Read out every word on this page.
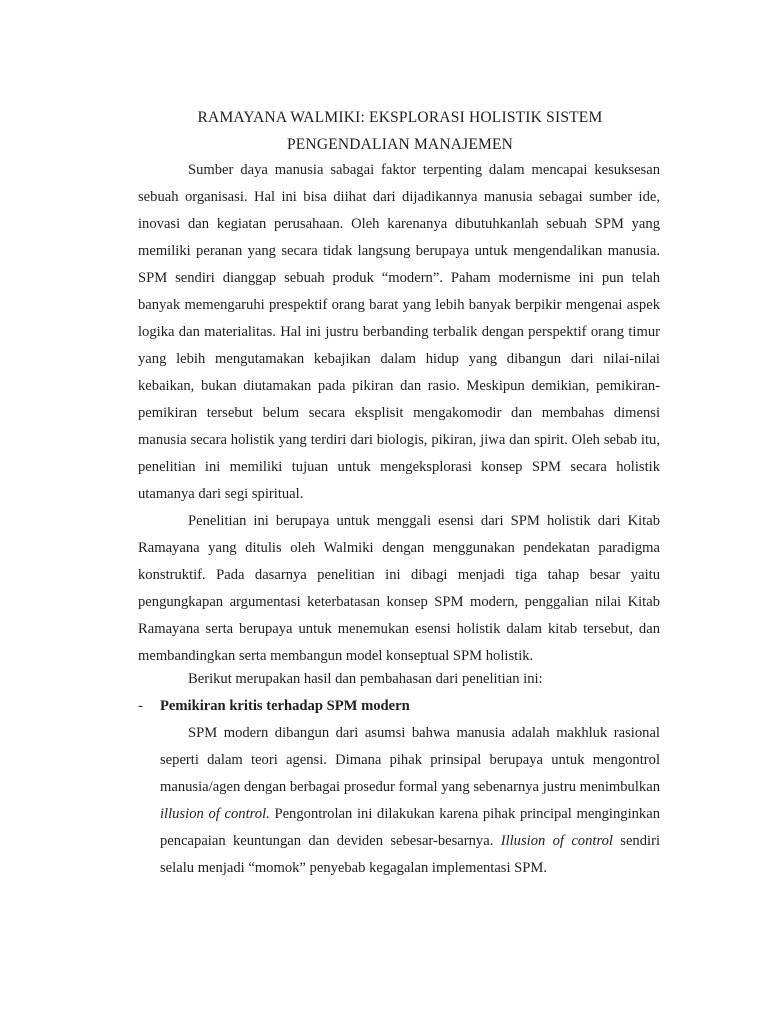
RAMAYANA WALMIKI: EKSPLORASI HOLISTIK SISTEM
PENGENDALIAN MANAJEMEN

Sumber daya manusia sabagai faktor terpenting dalam mencapai kesuksesan sebuah organisasi. Hal ini bisa diihat dari dijadikannya manusia sebagai sumber ide, inovasi dan kegiatan perusahaan. Oleh karenanya dibutuhkanlah sebuah SPM yang memiliki peranan yang secara tidak langsung berupaya untuk mengendalikan manusia. SPM sendiri dianggap sebuah produk “modern”. Paham modernisme ini pun telah banyak memengaruhi prespektif orang barat yang lebih banyak berpikir mengenai aspek logika dan materialitas. Hal ini justru berbanding terbalik dengan perspektif orang timur yang lebih mengutamakan kebajikan dalam hidup yang dibangun dari nilai-nilai kebaikan, bukan diutamakan pada pikiran dan rasio. Meskipun demikian, pemikiran-pemikiran tersebut belum secara eksplisit mengakomodir dan membahas dimensi manusia secara holistik yang terdiri dari biologis, pikiran, jiwa dan spirit. Oleh sebab itu, penelitian ini memiliki tujuan untuk mengeksplorasi konsep SPM secara holistik utamanya dari segi spiritual.

Penelitian ini berupaya untuk menggali esensi dari SPM holistik dari Kitab Ramayana yang ditulis oleh Walmiki dengan menggunakan pendekatan paradigma konstruktif. Pada dasarnya penelitian ini dibagi menjadi tiga tahap besar yaitu pengungkapan argumentasi keterbatasan konsep SPM modern, penggalian nilai Kitab Ramayana serta berupaya untuk menemukan esensi holistik dalam kitab tersebut, dan membandingkan serta membangun model konseptual SPM holistik.

Berikut merupakan hasil dan pembahasan dari penelitian ini:

- Pemikiran kritis terhadap SPM modern

SPM modern dibangun dari asumsi bahwa manusia adalah makhluk rasional seperti dalam teori agensi. Dimana pihak prinsipal berupaya untuk mengontrol manusia/agen dengan berbagai prosedur formal yang sebenarnya justru menimbulkan illusion of control. Pengontrolan ini dilakukan karena pihak principal menginginkan pencapaian keuntungan dan deviden sebesar-besarnya. Illusion of control sendiri selalu menjadi “momok” penyebab kegagalan implementasi SPM.
